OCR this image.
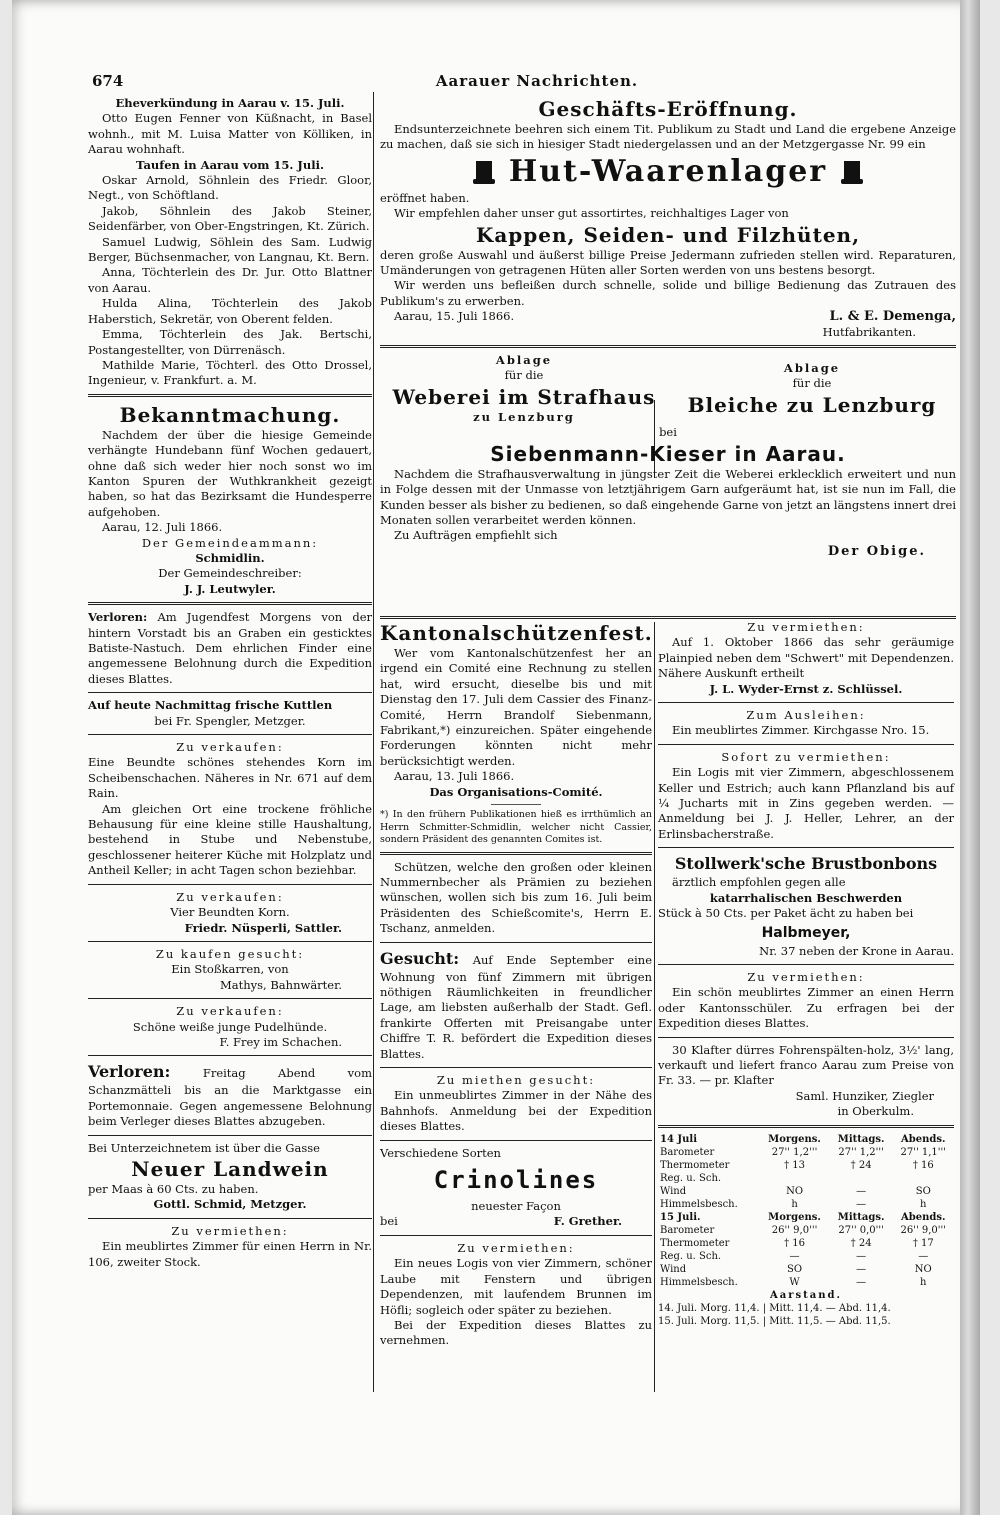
674	Aarauer Nachrichten.
Eheverkündung in Aarau v. 15. Juli.
Otto Eugen Fenner von Küßnacht, in Basel wohnh., mit M. Luisa Matter von Kölliken, in Aarau wohnhaft.
Taufen in Aarau vom 15. Juli.
Oskar Arnold, Söhnlein des Friedr. Gloor, Negt., von Schöftland.
Jakob, Söhnlein des Jakob Steiner, Seidenfärber, von Ober-Engstringen, Kt. Zürich.
Samuel Ludwig, Söhlein des Sam. Ludwig Berger, Büchsenmacher, von Langnau, Kt. Bern.
Anna, Töchterlein des Dr. Jur. Otto Blattner von Aarau.
Hulda Alina, Töchterlein des Jakob Haberstich, Sekretär, von Oberent felden.
Emma, Töchterlein des Jak. Bertschi, Postangestellter, von Dürrenäsch.
Mathilde Marie, Töchterl. des Otto Drossel, Ingenieur, v. Frankfurt. a. M.
Bekanntmachung.
Nachdem der über die hiesige Gemeinde verhängte Hundebann fünf Wochen gedauert, ohne daß sich weder hier noch sonst wo im Kanton Spuren der Wuthkrankheit gezeigt haben, so hat das Bezirksamt die Hundesperre aufgehoben.
Aarau, 12. Juli 1866.
Der Gemeindeammann:
Schmidlin.
Der Gemeindeschreiber:
J. J. Leutwyler.
Verloren: Am Jugendfest Morgens von der hintern Vorstadt bis an Graben ein gesticktes Batiste-Nastuch. Dem ehrlichen Finder eine angemessene Belohnung durch die Expedition dieses Blattes.
Auf heute Nachmittag frische Kuttlen
bei Fr. Spengler, Metzger.
Zu verkaufen:
Eine Beundte schönes stehendes Korn im Scheibenschachen. Näheres in Nr. 671 auf dem Rain.
Am gleichen Ort eine trockene fröhliche Behausung für eine kleine stille Haushaltung, bestehend in Stube und Nebenstube, geschlossener heiterer Küche mit Holzplatz und Antheil Keller; in acht Tagen schon beziehbar.
Zu verkaufen:
Vier Beundten Korn.
Friedr. Nüsperli, Sattler.
Zu kaufen gesucht:
Ein Stoßkarren, von
Mathys, Bahnwärter.
Zu verkaufen:
Schöne weiße junge Pudelhünde.
F. Frey im Schachen.
Verloren:	Freitag Abend vom Schanzmätteli bis an die Marktgasse ein Portemonnaie. Gegen angemessene Belohnung beim Verleger dieses Blattes abzugeben.
Bei Unterzeichnetem ist über die Gasse
Neuer Landwein
per Maas à 60 Cts. zu haben.
Gottl. Schmid, Metzger.
Zu vermiethen:
Ein meublirtes Zimmer für einen Herrn in Nr. 106, zweiter Stock.
Geschäfts-Eröffnung.
Endsunterzeichnete beehren sich einem Tit. Publikum zu Stadt und Land die ergebene Anzeige zu machen, daß sie sich in hiesiger Stadt niedergelassen und an der Metzgergasse Nr. 99 ein
Hut-Waarenlager
eröffnet haben.
Wir empfehlen daher unser gut assortirtes, reichhaltiges Lager von
Kappen, Seiden- und Filzhüten,
deren große Auswahl und äußerst billige Preise Jedermann zufrieden stellen wird. Reparaturen, Umänderungen von getragenen Hüten aller Sorten werden von uns bestens besorgt.
Wir werden uns befleißen durch schnelle, solide und billige Bedienung das Zutrauen des Publikum's zu erwerben.
Aarau, 15. Juli 1866.	L. & E. Demenga,
Hutfabrikanten.
Ablage
für die
Weberei im Strafhaus
zu Lenzburg
Ablage
für die
Bleiche zu Lenzburg
bei
Siebenmann-Kieser in Aarau.
Nachdem die Strafhausverwaltung in jüngster Zeit die Weberei erklecklich erweitert und nun in Folge dessen mit der Unmasse von letztjährigem Garn aufgeräumt hat, ist sie nun im Fall, die Kunden besser als bisher zu bedienen, so daß eingehende Garne von jetzt an längstens innert drei Monaten sollen verarbeitet werden können.
Zu Aufträgen empfiehlt sich
Der Obige.
Kantonalschützenfest.
Wer vom Kantonalschützenfest her an irgend ein Comité eine Rechnung zu stellen hat, wird ersucht, dieselbe bis und mit Dienstag den 17. Juli dem Cassier des Finanz-Comité, Herrn Brandolf Siebenmann, Fabrikant,*) einzureichen. Später eingehende Forderungen könnten nicht mehr berücksichtigt werden.
Aarau, 13. Juli 1866.
Das Organisations-Comité.
*) In den frühern Publikationen hieß es irrthümlich an Herrn Schmitter-Schmidlin, welcher nicht Cassier, sondern Präsident des genannten Comites ist.
Schützen, welche den großen oder kleinen Nummernbecher als Prämien zu beziehen wünschen, wollen sich bis zum 16. Juli beim Präsidenten des Schießcomite's, Herrn E. Tschanz, anmelden.
Gesucht: Auf Ende September eine Wohnung von fünf Zimmern mit übrigen nöthigen Räumlichkeiten in freundlicher Lage, am liebsten außerhalb der Stadt. Gefl. frankirte Offerten mit Preisangabe unter Chiffre T. R. befördert die Expedition dieses Blattes.
Zu miethen gesucht:
Ein unmeublirtes Zimmer in der Nähe des Bahnhofs. Anmeldung bei der Expedition dieses Blattes.
Verschiedene Sorten
Crinolines
neuester Façon
bei	F. Grether.
Zu vermiethen:
Ein neues Logis von vier Zimmern, schöner Laube mit Fenstern und übrigen Dependenzen, mit laufendem Brunnen im Höfli; sogleich oder später zu beziehen.
Bei der Expedition dieses Blattes zu vernehmen.
Zu vermiethen:
Auf 1. Oktober 1866 das sehr geräumige Plainpied neben dem "Schwert" mit Dependenzen. Nähere Auskunft ertheilt
J. L. Wyder-Ernst z. Schlüssel.
Zum Ausleihen:
Ein meublirtes Zimmer. Kirchgasse Nro. 15.
Sofort zu vermiethen:
Ein Logis mit vier Zimmern, abgeschlossenem Keller und Estrich; auch kann Pflanzland bis auf ¼ Jucharts mit in Zins gegeben werden. — Anmeldung bei J. J. Heller, Lehrer, an der Erlinsbacherstraße.
Stollwerk'sche Brustbonbons
ärztlich empfohlen gegen alle
katarrhalischen Beschwerden
Stück à 50 Cts. per Paket ächt zu haben bei
Halbmeyer,
Nr. 37 neben der Krone in Aarau.
Zu vermiethen:
Ein schön meublirtes Zimmer an einen Herrn oder Kantonsschüler. Zu erfragen bei der Expedition dieses Blattes.
30 Klafter dürres Fohrenspälten-holz, 3½' lang, verkauft und liefert franco Aarau zum Preise von Fr. 33. — pr. Klafter
Saml. Hunziker, Ziegler
in Oberkulm.
14 Juli	Morgens.	Mittags.	Abends.
Barometer	27'' 1,2'''	27'' 1,2'''	27'' 1,1'''
Thermometer	† 13	† 24	† 16
Reg. u. Sch.			
Wind	NO	—	SO
Himmelsbesch.	h	—	h
15 Juli.	Morgens.	Mittags.	Abends.
Barometer	26'' 9,0'''	27'' 0,0'''	26'' 9,0'''
Thermometer	† 16	† 24	† 17
Reg. u. Sch.	—	—	—
Wind	SO	—	NO
Himmelsbesch.	W	—	h
Aarstand.
14. Juli. Morg. 11,4. | Mitt. 11,4. — Abd. 11,4.
15. Juli. Morg. 11,5. | Mitt. 11,5. — Abd. 11,5.
